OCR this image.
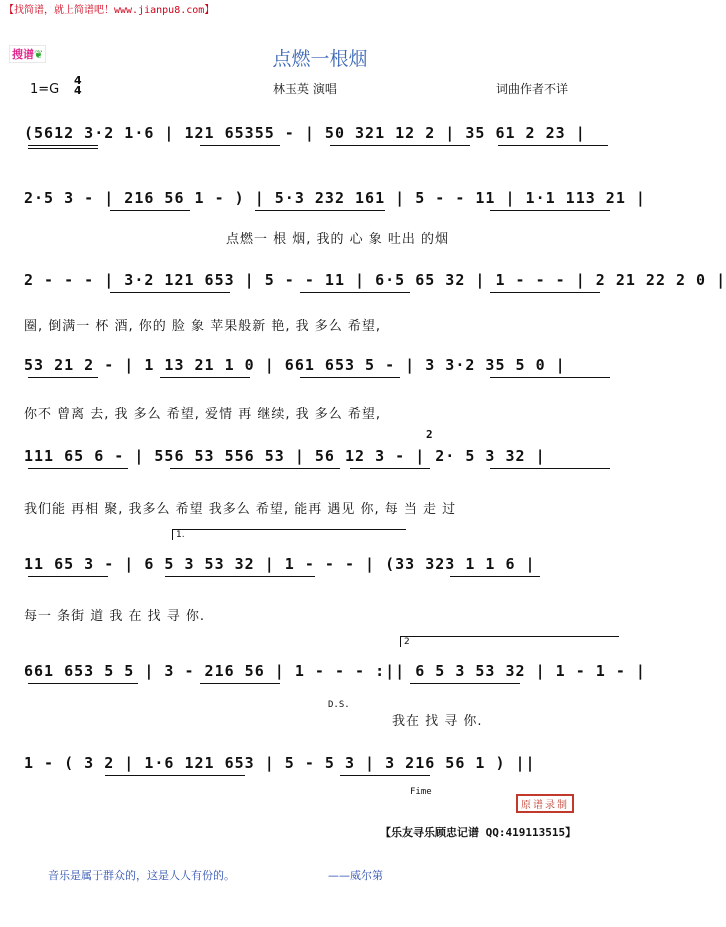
【找简谱，就上简谱吧！www.jianpu8.com】
搜谱❦	点燃一根烟
1=G
4
4	林玉英 演唱	词曲作者不详
(5612 3·2 1·6 | 121 65355 - | 50 321 12 2 | 35 61 2 23 |
2·5 3 - | 216 56 1 - ) | 5·3 232 161 | 5 - - 11 | 1·1 113 21 |
2 - - - | 3·2 121 653 | 5 - - 11 | 6·5 65 32 | 1 - - - | 2 21 22 2 0 |
53 21 2 - | 1 13 21 1 0 | 661 653 5 - | 3 3·2 35 5 0 |
111 65 6 - | 556 53 556 53 | 56 12 3 - | 2· 5 3 32 |
11 65 3 - | 6 5 3 53 32 | 1 - - - | (33 323 1 1 6 |
661 653 5 5 | 3 - 216 56 | 1 - - - :|| 6 5 3 53 32 | 1 - 1 - |
1 - ( 3 2 | 1·6 121 653 | 5 - 5 3 | 3 216 56 1 ) ||
1.
2
2
D.S.
Fime
点燃一 根 烟, 我的 心 象 吐出 的烟
圈, 倒满一 杯 酒, 你的 脸 象 苹果般新 艳, 我 多么 希望,
你不 曾离 去, 我 多么 希望, 爱情 再 继续, 我 多么 希望,
我们能 再相 聚, 我多么 希望 我多么 希望, 能再 遇见 你, 每 当 走 过
每一 条街 道 我 在 找 寻 你.
我在 找 寻 你.
原谱录制
【乐友寻乐顾忠记谱 QQ:419113515】
音乐是属于群众的，这是人人有份的。	——威尔第
